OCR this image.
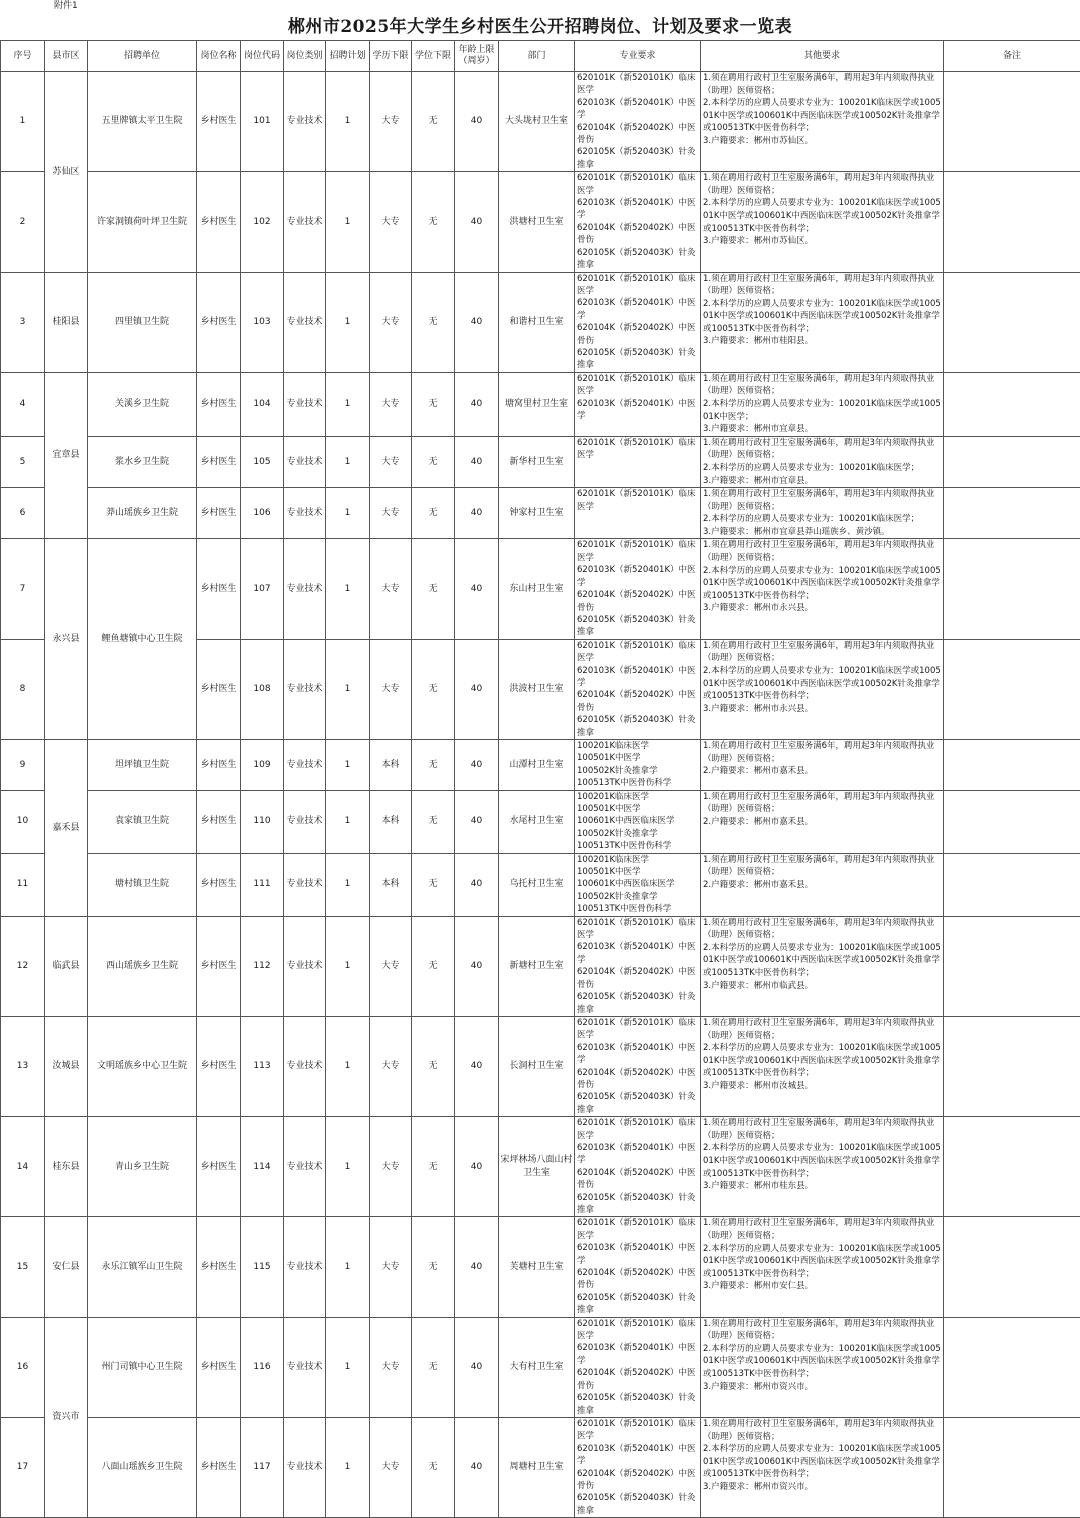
附件1
郴州市2025年大学生乡村医生公开招聘岗位、计划及要求一览表
序号	县市区	招聘单位	岗位名称	岗位代码	岗位类别	招聘计划	学历下限	学位下限	年龄上限（周岁）	部门	专业要求	其他要求	备注
1	苏仙区	五里牌镇太平卫生院	乡村医生	101	专业技术	1	大专	无	40	大头垅村卫生室	620101K（新520101K）临床医学
620103K（新520401K）中医学
620104K（新520402K）中医骨伤
620105K（新520403K）针灸推拿	1.须在聘用行政村卫生室服务满6年，聘用起3年内须取得执业（助理）医师资格；
2.本科学历的应聘人员要求专业为：100201K临床医学或100501K中医学或100601K中西医临床医学或100502K针灸推拿学或100513TK中医骨伤科学；
3.户籍要求：郴州市苏仙区。	
2		许家洞镇荷叶坪卫生院	乡村医生	102	专业技术	1	大专	无	40	洪塘村卫生室	620101K（新520101K）临床医学
620103K（新520401K）中医学
620104K（新520402K）中医骨伤
620105K（新520403K）针灸推拿	1.须在聘用行政村卫生室服务满6年，聘用起3年内须取得执业（助理）医师资格；
2.本科学历的应聘人员要求专业为：100201K临床医学或100501K中医学或100601K中西医临床医学或100502K针灸推拿学或100513TK中医骨伤科学；
3.户籍要求：郴州市苏仙区。	
3	桂阳县	四里镇卫生院	乡村医生	103	专业技术	1	大专	无	40	和谐村卫生室	620101K（新520101K）临床医学
620103K（新520401K）中医学
620104K（新520402K）中医骨伤
620105K（新520403K）针灸推拿	1.须在聘用行政村卫生室服务满6年，聘用起3年内须取得执业（助理）医师资格；
2.本科学历的应聘人员要求专业为：100201K临床医学或100501K中医学或100601K中西医临床医学或100502K针灸推拿学或100513TK中医骨伤科学；
3.户籍要求：郴州市桂阳县。	
4	宜章县	关溪乡卫生院	乡村医生	104	专业技术	1	大专	无	40	塘窝里村卫生室	620101K（新520101K）临床医学
620103K（新520401K）中医学	1.须在聘用行政村卫生室服务满6年，聘用起3年内须取得执业（助理）医师资格；
2.本科学历的应聘人员要求专业为：100201K临床医学或100501K中医学；
3.户籍要求：郴州市宜章县。	
5		浆水乡卫生院	乡村医生	105	专业技术	1	大专	无	40	新华村卫生室	620101K（新520101K）临床医学	1.须在聘用行政村卫生室服务满6年，聘用起3年内须取得执业（助理）医师资格；
2.本科学历的应聘人员要求专业为：100201K临床医学；
3.户籍要求：郴州市宜章县。	
6		莽山瑶族乡卫生院	乡村医生	106	专业技术	1	大专	无	40	钟家村卫生室	620101K（新520101K）临床医学	1.须在聘用行政村卫生室服务满6年，聘用起3年内须取得执业（助理）医师资格；
2.本科学历的应聘人员要求专业为：100201K临床医学；
3.户籍要求：郴州市宜章县莽山瑶族乡、黄沙镇。	
7	永兴县	鲤鱼塘镇中心卫生院	乡村医生	107	专业技术	1	大专	无	40	东山村卫生室	620101K（新520101K）临床医学
620103K（新520401K）中医学
620104K（新520402K）中医骨伤
620105K（新520403K）针灸推拿	1.须在聘用行政村卫生室服务满6年，聘用起3年内须取得执业（助理）医师资格；
2.本科学历的应聘人员要求专业为：100201K临床医学或100501K中医学或100601K中西医临床医学或100502K针灸推拿学或100513TK中医骨伤科学；
3.户籍要求：郴州市永兴县。	
8			乡村医生	108	专业技术	1	大专	无	40	洪波村卫生室	620101K（新520101K）临床医学
620103K（新520401K）中医学
620104K（新520402K）中医骨伤
620105K（新520403K）针灸推拿	1.须在聘用行政村卫生室服务满6年，聘用起3年内须取得执业（助理）医师资格；
2.本科学历的应聘人员要求专业为：100201K临床医学或100501K中医学或100601K中西医临床医学或100502K针灸推拿学或100513TK中医骨伤科学；
3.户籍要求：郴州市永兴县。	
9	嘉禾县	坦坪镇卫生院	乡村医生	109	专业技术	1	本科	无	40	山潭村卫生室	100201K临床医学
100501K中医学
100502K针灸推拿学
100513TK中医骨伤科学	1.须在聘用行政村卫生室服务满6年，聘用起3年内须取得执业（助理）医师资格；
2.户籍要求：郴州市嘉禾县。	
10		袁家镇卫生院	乡村医生	110	专业技术	1	本科	无	40	水尾村卫生室	100201K临床医学
100501K中医学
100601K中西医临床医学
100502K针灸推拿学
100513TK中医骨伤科学	1.须在聘用行政村卫生室服务满6年，聘用起3年内须取得执业（助理）医师资格；
2.户籍要求：郴州市嘉禾县。	
11		塘村镇卫生院	乡村医生	111	专业技术	1	本科	无	40	乌托村卫生室	100201K临床医学
100501K中医学
100601K中西医临床医学
100502K针灸推拿学
100513TK中医骨伤科学	1.须在聘用行政村卫生室服务满6年，聘用起3年内须取得执业（助理）医师资格；
2.户籍要求：郴州市嘉禾县。	
12	临武县	西山瑶族乡卫生院	乡村医生	112	专业技术	1	大专	无	40	新塘村卫生室	620101K（新520101K）临床医学
620103K（新520401K）中医学
620104K（新520402K）中医骨伤
620105K（新520403K）针灸推拿	1.须在聘用行政村卫生室服务满6年，聘用起3年内须取得执业（助理）医师资格；
2.本科学历的应聘人员要求专业为：100201K临床医学或100501K中医学或100601K中西医临床医学或100502K针灸推拿学或100513TK中医骨伤科学；
3.户籍要求：郴州市临武县。	
13	汝城县	文明瑶族乡中心卫生院	乡村医生	113	专业技术	1	大专	无	40	长洞村卫生室	620101K（新520101K）临床医学
620103K（新520401K）中医学
620104K（新520402K）中医骨伤
620105K（新520403K）针灸推拿	1.须在聘用行政村卫生室服务满6年，聘用起3年内须取得执业（助理）医师资格；
2.本科学历的应聘人员要求专业为：100201K临床医学或100501K中医学或100601K中西医临床医学或100502K针灸推拿学或100513TK中医骨伤科学；
3.户籍要求：郴州市汝城县。	
14	桂东县	青山乡卫生院	乡村医生	114	专业技术	1	大专	无	40	宋坪林场八面山村卫生室	620101K（新520101K）临床医学
620103K（新520401K）中医学
620104K（新520402K）中医骨伤
620105K（新520403K）针灸推拿	1.须在聘用行政村卫生室服务满6年，聘用起3年内须取得执业（助理）医师资格；
2.本科学历的应聘人员要求专业为：100201K临床医学或100501K中医学或100601K中西医临床医学或100502K针灸推拿学或100513TK中医骨伤科学；
3.户籍要求：郴州市桂东县。	
15	安仁县	永乐江镇军山卫生院	乡村医生	115	专业技术	1	大专	无	40	芙塘村卫生室	620101K（新520101K）临床医学
620103K（新520401K）中医学
620104K（新520402K）中医骨伤
620105K（新520403K）针灸推拿	1.须在聘用行政村卫生室服务满6年，聘用起3年内须取得执业（助理）医师资格；
2.本科学历的应聘人员要求专业为：100201K临床医学或100501K中医学或100601K中西医临床医学或100502K针灸推拿学或100513TK中医骨伤科学；
3.户籍要求：郴州市安仁县。	
16	资兴市	州门司镇中心卫生院	乡村医生	116	专业技术	1	大专	无	40	大有村卫生室	620101K（新520101K）临床医学
620103K（新520401K）中医学
620104K（新520402K）中医骨伤
620105K（新520403K）针灸推拿	1.须在聘用行政村卫生室服务满6年，聘用起3年内须取得执业（助理）医师资格；
2.本科学历的应聘人员要求专业为：100201K临床医学或100501K中医学或100601K中西医临床医学或100502K针灸推拿学或100513TK中医骨伤科学；
3.户籍要求：郴州市资兴市。	
17		八面山瑶族乡卫生院	乡村医生	117	专业技术	1	大专	无	40	周塘村卫生室	620101K（新520101K）临床医学
620103K（新520401K）中医学
620104K（新520402K）中医骨伤
620105K（新520403K）针灸推拿	1.须在聘用行政村卫生室服务满6年，聘用起3年内须取得执业（助理）医师资格；
2.本科学历的应聘人员要求专业为：100201K临床医学或100501K中医学或100601K中西医临床医学或100502K针灸推拿学或100513TK中医骨伤科学；
3.户籍要求：郴州市资兴市。	
